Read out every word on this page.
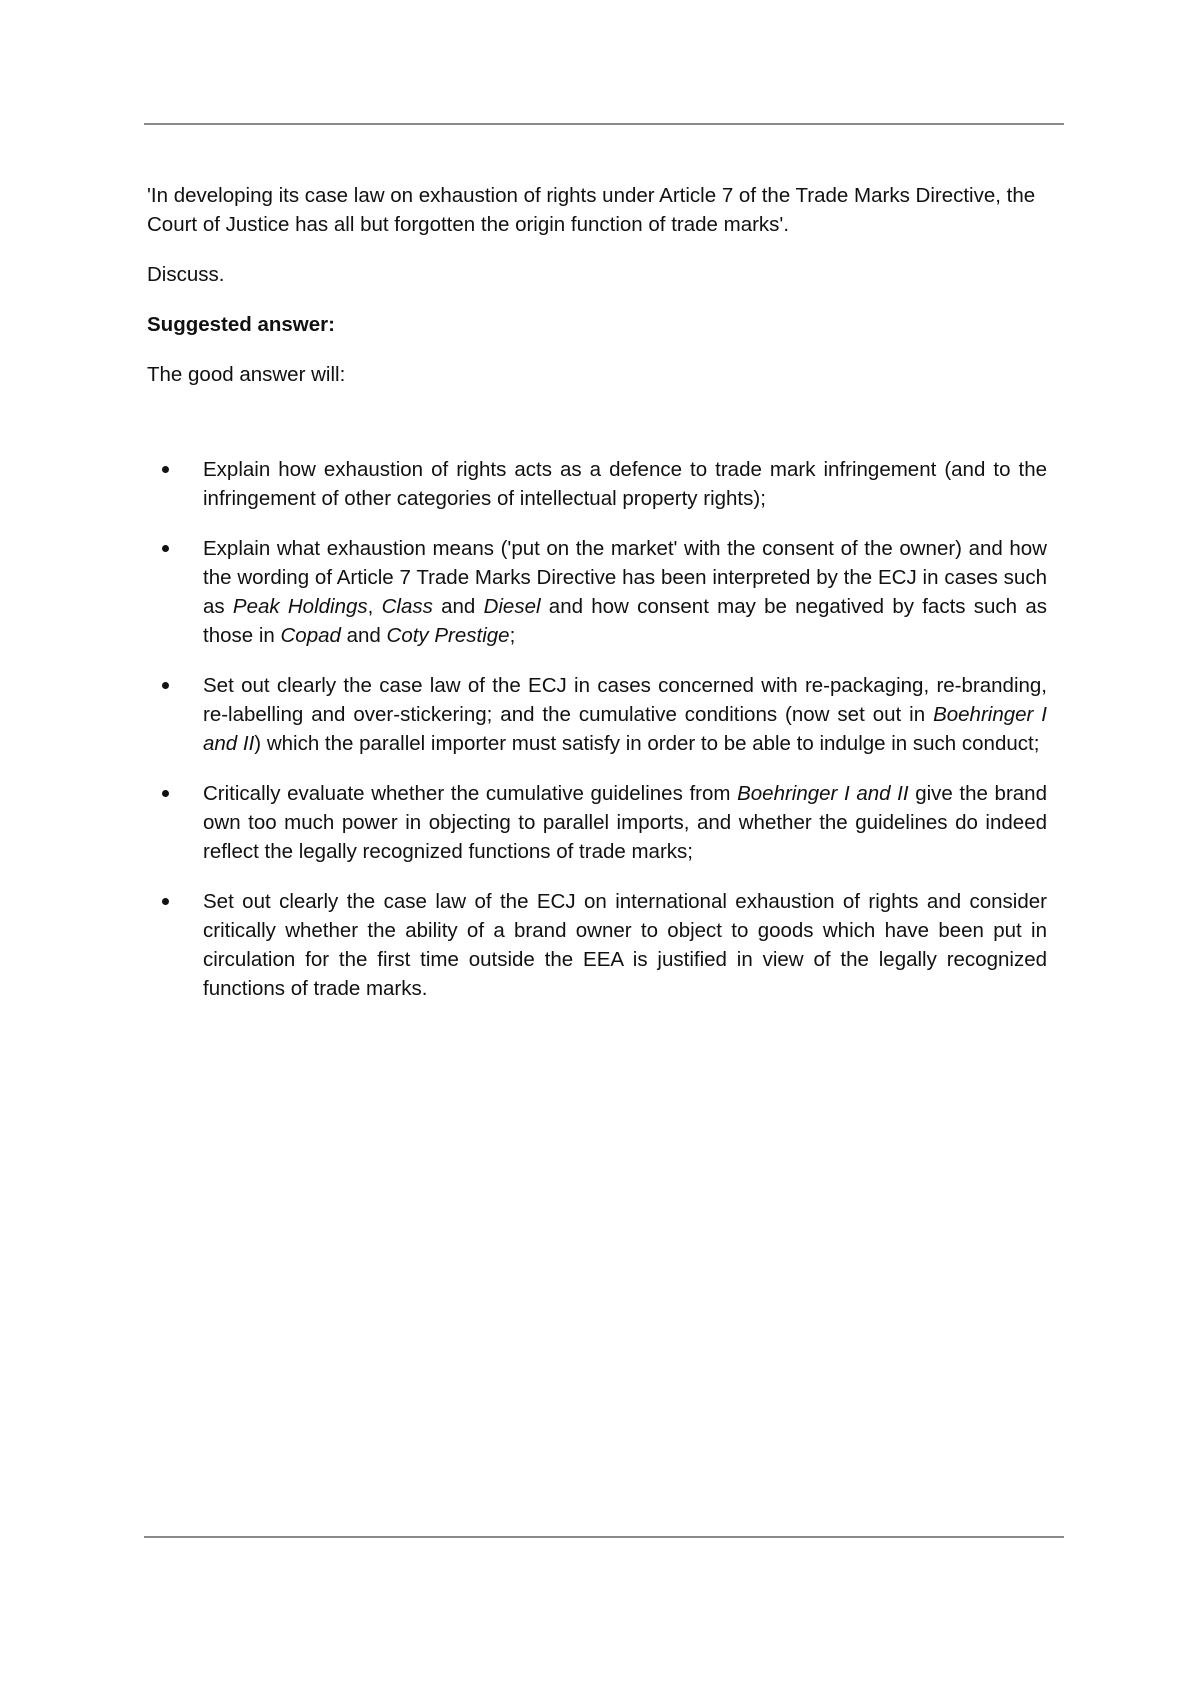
'In developing its case law on exhaustion of rights under Article 7 of the Trade Marks Directive, the Court of Justice has all but forgotten the origin function of trade marks'.

Discuss.

Suggested answer:

The good answer will:

Explain how exhaustion of rights acts as a defence to trade mark infringement (and to the infringement of other categories of intellectual property rights);
Explain what exhaustion means ('put on the market' with the consent of the owner) and how the wording of Article 7 Trade Marks Directive has been interpreted by the ECJ in cases such as Peak Holdings, Class and Diesel and how consent may be negatived by facts such as those in Copad and Coty Prestige;
Set out clearly the case law of the ECJ in cases concerned with re-packaging, re-branding, re-labelling and over-stickering; and the cumulative conditions (now set out in Boehringer I and II) which the parallel importer must satisfy in order to be able to indulge in such conduct;
Critically evaluate whether the cumulative guidelines from Boehringer I and II give the brand own too much power in objecting to parallel imports, and whether the guidelines do indeed reflect the legally recognized functions of trade marks;
Set out clearly the case law of the ECJ on international exhaustion of rights and consider critically whether the ability of a brand owner to object to goods which have been put in circulation for the first time outside the EEA is justified in view of the legally recognized functions of trade marks.
